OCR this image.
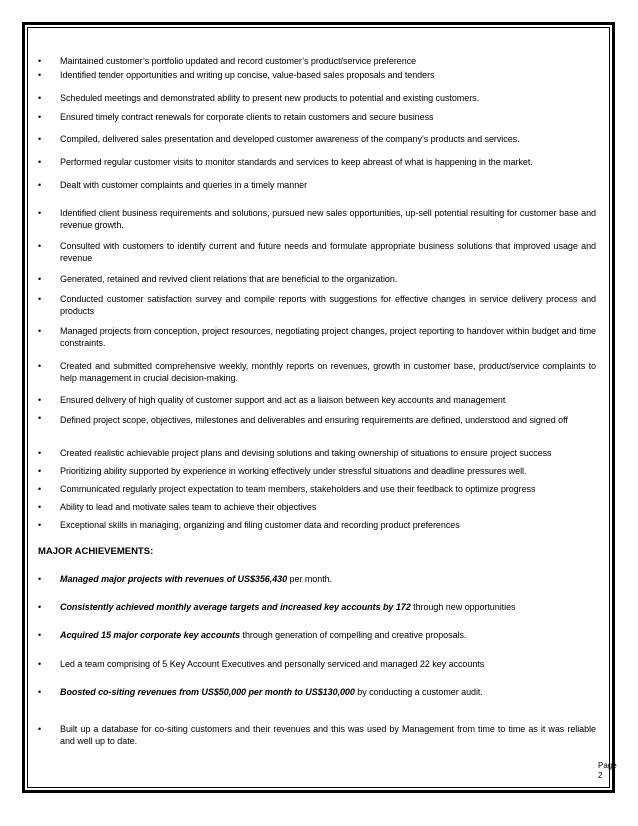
•	Maintained customer’s portfolio updated and record customer’s product/service preference
•	Identified tender opportunities and writing up concise, value-based sales proposals and tenders
•	Scheduled meetings and demonstrated ability to present new products to potential and existing customers.
•	Ensured timely contract renewals for corporate clients to retain customers and secure business
•	Compiled, delivered sales presentation and developed customer awareness of the company’s products and services.
•	Performed regular customer visits to monitor standards and services to keep abreast of what is happening in the market.
•	Dealt with customer complaints and queries in a timely manner
•	Identified client business requirements and solutions, pursued new sales opportunities, up-sell potential resulting for customer base and revenue growth.
•	Consulted with customers to identify current and future needs and formulate appropriate business solutions that improved usage and revenue
•	Generated, retained and revived client relations that are beneficial to the organization.
•	Conducted customer satisfaction survey and compile reports with suggestions for effective changes in service delivery process and products
•	Managed projects from conception, project resources, negotiating project changes, project reporting to handover within budget and time constraints.
•	Created and submitted comprehensive weekly, monthly reports on revenues, growth in customer base, product/service complaints to help management in crucial decision-making.
•	Ensured delivery of high quality of customer support and act as a liaison between key accounts and management
•	Defined project scope, objectives, milestones and deliverables and ensuring requirements are defined, understood and signed off
•	Created realistic achievable project plans and devising solutions and taking ownership of situations to ensure project success
•	Prioritizing ability supported by experience in working effectively under stressful situations and deadline pressures well.
•	Communicated regularly project expectation to team members, stakeholders and use their feedback to optimize progress
•	Ability to lead and motivate sales team to achieve their objectives
•	Exceptional skills in managing, organizing and filing customer data and recording product preferences
MAJOR ACHIEVEMENTS:
•	Managed major projects with revenues of US$356,430 per month.
•	Consistently achieved monthly average targets and increased key accounts by 172 through new opportunities
•	Acquired 15 major corporate key accounts through generation of compelling and creative proposals.
•	Led a team comprising of 5 Key Account Executives and personally serviced and managed 22 key accounts
•	Boosted co-siting revenues from US$50,000 per month to US$130,000 by conducting a customer audit.
•	Built up a database for co-siting customers and their revenues and this was used by Management from time to time as it was reliable and well up to date.
Page 2
